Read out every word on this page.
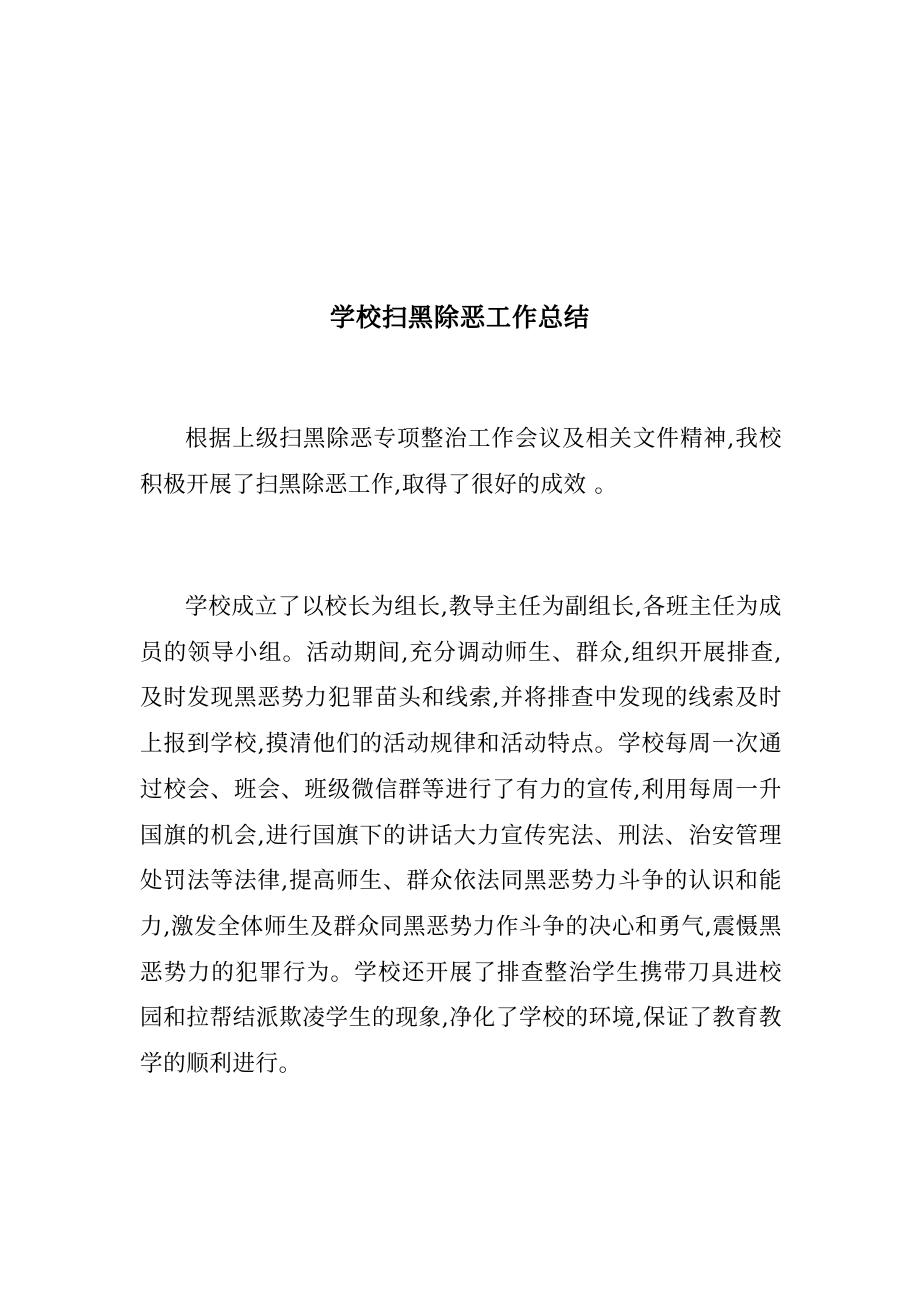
学校扫黑除恶工作总结

根据上级扫黑除恶专项整治工作会议及相关文件精神,我校积极开展了扫黑除恶工作,取得了很好的成效 。

学校成立了以校长为组长,教导主任为副组长,各班主任为成员的领导小组。活动期间,充分调动师生、群众,组织开展排查,及时发现黑恶势力犯罪苗头和线索,并将排查中发现的线索及时上报到学校,摸清他们的活动规律和活动特点。学校每周一次通过校会、班会、班级微信群等进行了有力的宣传,利用每周一升国旗的机会,进行国旗下的讲话大力宣传宪法、刑法、治安管理处罚法等法律,提高师生、群众依法同黑恶势力斗争的认识和能力,激发全体师生及群众同黑恶势力作斗争的决心和勇气,震慑黑恶势力的犯罪行为。学校还开展了排查整治学生携带刀具进校园和拉帮结派欺凌学生的现象,净化了学校的环境,保证了教育教学的顺利进行。
